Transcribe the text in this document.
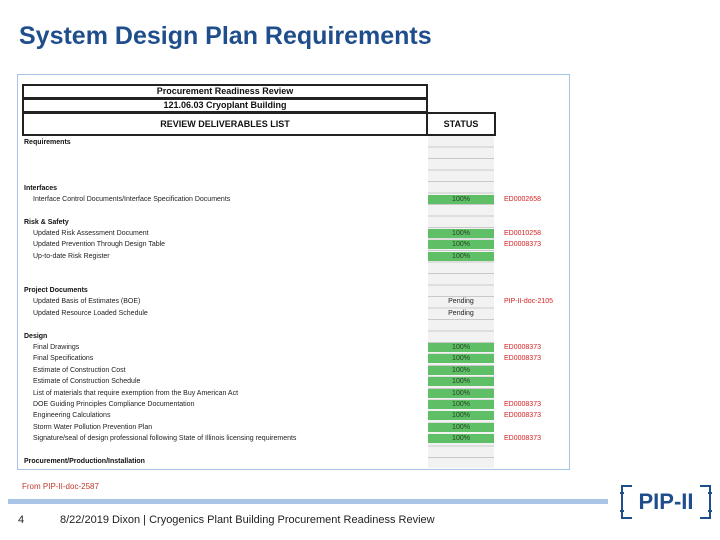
System Design Plan Requirements
Procurement Readiness Review
121.06.03 Cryoplant Building
REVIEW DELIVERABLES LIST	STATUS
Requirements
Interfaces
Interface Control Documents/Interface Specification Documents	100%	ED0002658
Risk & Safety
Updated Risk Assessment Document	100%	ED0010258
Updated Prevention Through Design Table	100%	ED0008373
Up-to-date Risk Register	100%
Project Documents
Updated Basis of Estimates (BOE)	Pending	PIP-II-doc-2105
Updated Resource Loaded Schedule	Pending
Design
Final Drawings	100%	ED0008373
Final Specifications	100%	ED0008373
Estimate of Construction Cost	100%
Estimate of Construction Schedule	100%
List of materials that require exemption from the Buy American Act	100%
DOE Guiding Principles Compliance Documentation	100%	ED0008373
Engineering Calculations	100%	ED0008373
Storm Water Pollution Prevention Plan	100%
Signature/seal of design professional following State of Illinois licensing requirements	100%	ED0008373
Procurement/Production/Installation
From PIP-II-doc-2587
4	8/22/2019 Dixon | Cryogenics Plant Building Procurement Readiness Review
PIP-II
